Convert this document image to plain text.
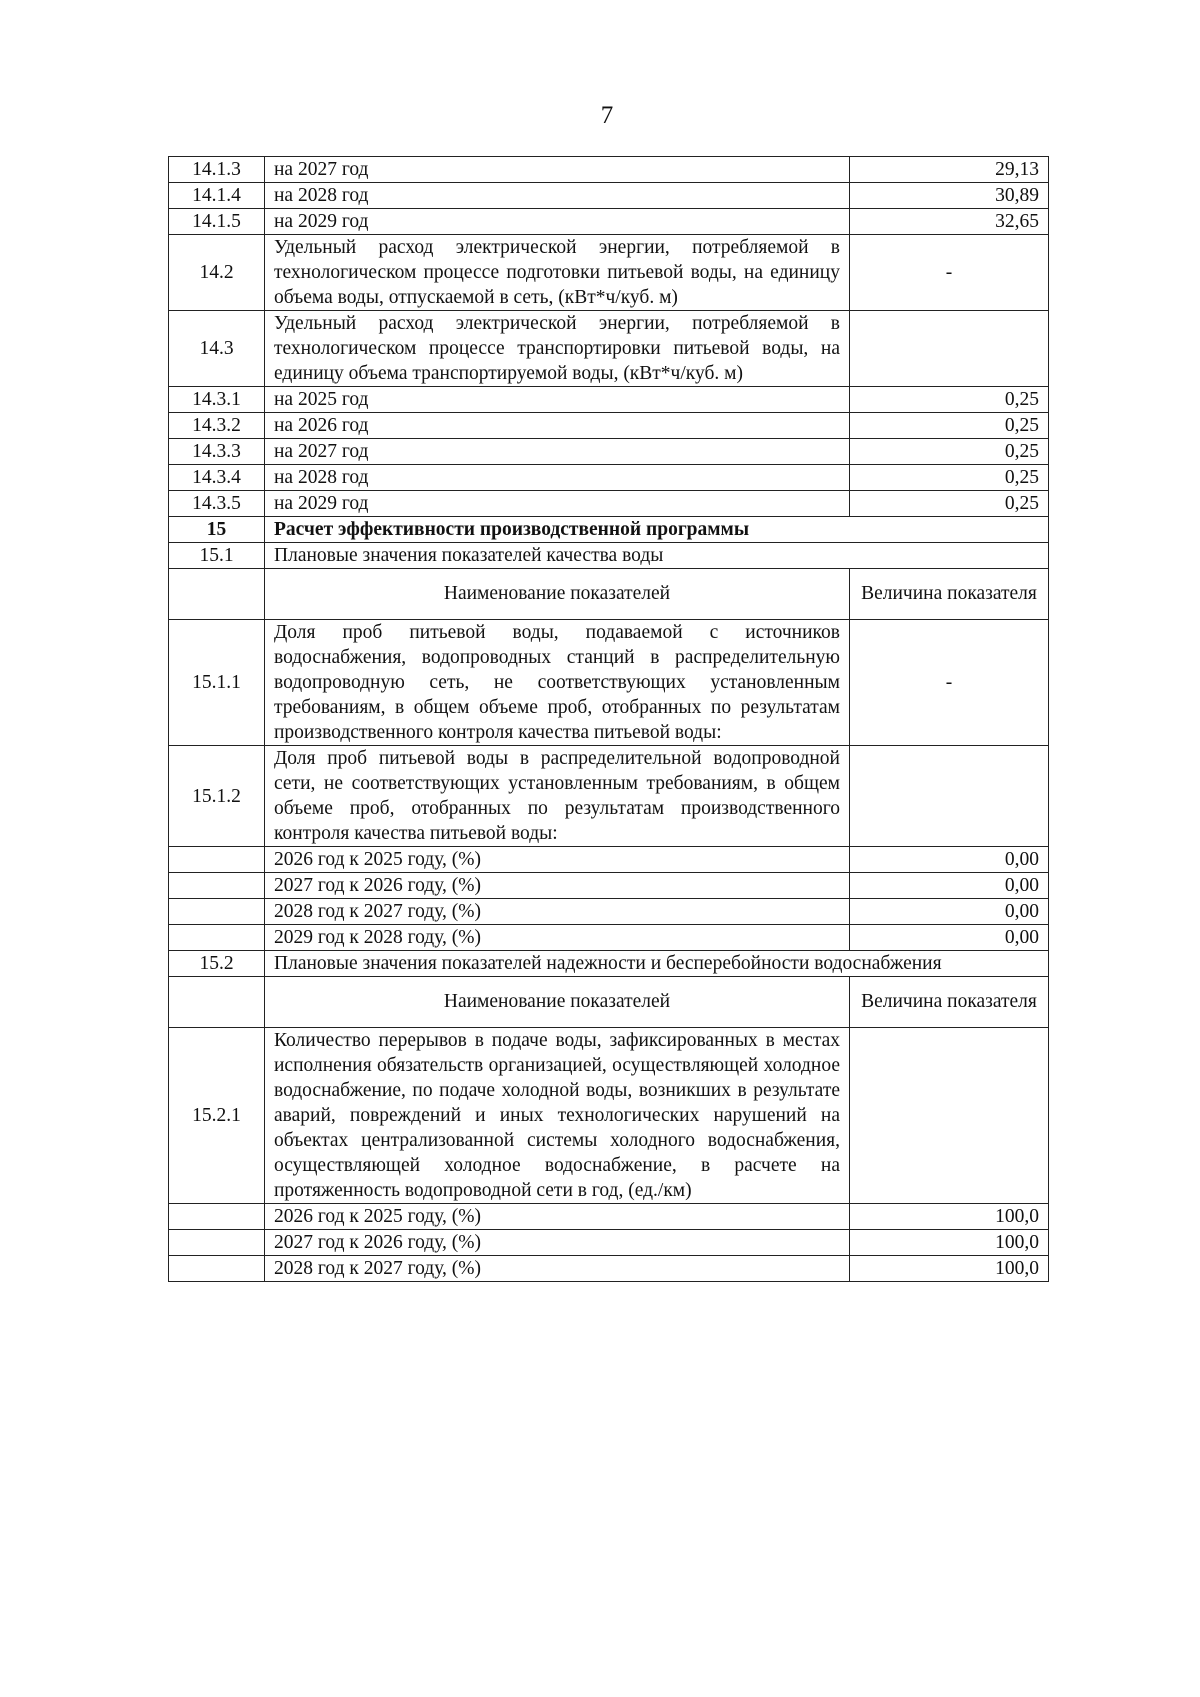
7
14.1.3	на 2027 год	29,13
14.1.4	на 2028 год	30,89
14.1.5	на 2029 год	32,65
14.2	Удельный расход электрической энергии, потребляемой в технологическом процессе подготовки питьевой воды, на единицу объема воды, отпускаемой в сеть, (кВт*ч/куб. м)	-
14.3	Удельный расход электрической энергии, потребляемой в технологическом процессе транспортировки питьевой воды, на единицу объема транспортируемой воды, (кВт*ч/куб. м)	
14.3.1	на 2025 год	0,25
14.3.2	на 2026 год	0,25
14.3.3	на 2027 год	0,25
14.3.4	на 2028 год	0,25
14.3.5	на 2029 год	0,25
15	Расчет эффективности производственной программы	
15.1	Плановые значения показателей качества воды	
	Наименование показателей	Величина показателя
15.1.1	Доля проб питьевой воды, подаваемой с источников водоснабжения, водопроводных станций в распределительную водопроводную сеть, не соответствующих установленным требованиям, в общем объеме проб, отобранных по результатам производственного контроля качества питьевой воды:	-
15.1.2	Доля проб питьевой воды в распределительной водопроводной сети, не соответствующих установленным требованиям, в общем объеме проб, отобранных по результатам производственного контроля качества питьевой воды:	
	2026 год к 2025 году, (%)	0,00
	2027 год к 2026 году, (%)	0,00
	2028 год к 2027 году, (%)	0,00
	2029 год к 2028 году, (%)	0,00
15.2	Плановые значения показателей надежности и бесперебойности водоснабжения	
	Наименование показателей	Величина показателя
15.2.1	Количество перерывов в подаче воды, зафиксированных в местах исполнения обязательств организацией, осуществляющей холодное водоснабжение, по подаче холодной воды, возникших в результате аварий, повреждений и иных технологических нарушений на объектах централизованной системы холодного водоснабжения, осуществляющей холодное водоснабжение, в расчете на протяженность водопроводной сети в год, (ед./км)	
	2026 год к 2025 году, (%)	100,0
	2027 год к 2026 году, (%)	100,0
	2028 год к 2027 году, (%)	100,0
